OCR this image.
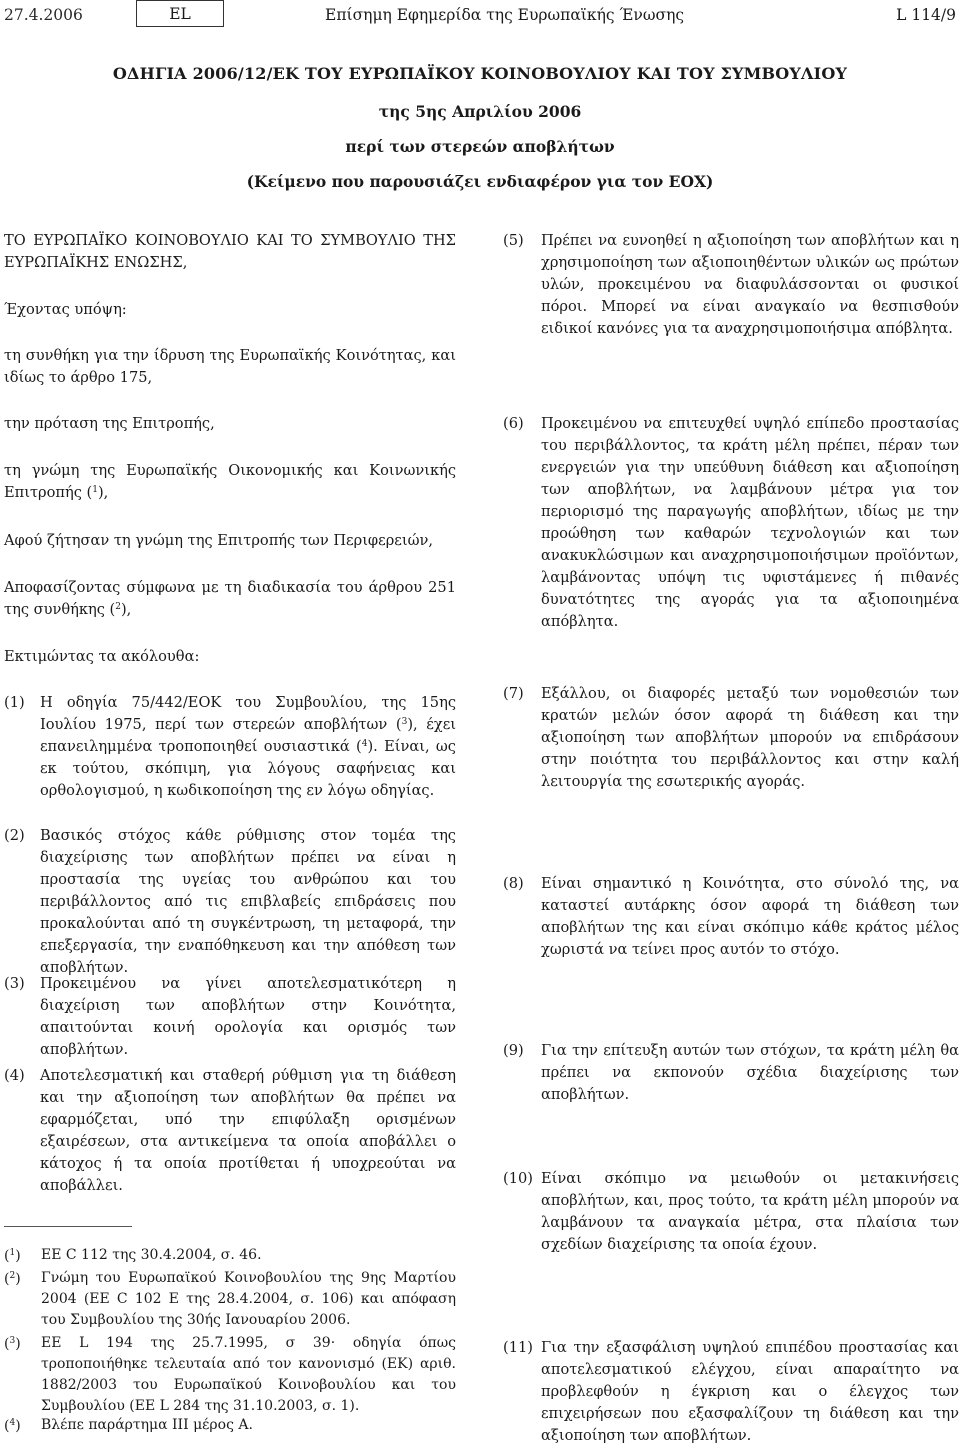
27.4.2006	EL	Επίσημη Εφημερίδα της Ευρωπαϊκής Ένωσης	L 114/9
ΟΔΗΓΙΑ 2006/12/ΕΚ ΤΟΥ ΕΥΡΩΠΑΪΚΟΥ ΚΟΙΝΟΒΟΥΛΙΟΥ ΚΑΙ ΤΟΥ ΣΥΜΒΟΥΛΙΟΥ
της 5ης Απριλίου 2006
περί των στερεών αποβλήτων
(Κείμενο που παρουσιάζει ενδιαφέρον για τον ΕΟΧ)
ΤΟ ΕΥΡΩΠΑΪΚΟ ΚΟΙΝΟΒΟΥΛΙΟ ΚΑΙ ΤΟ ΣΥΜΒΟΥΛΙΟ ΤΗΣ ΕΥΡΩΠΑΪΚΗΣ ΕΝΩΣΗΣ,
Έχοντας υπόψη:
τη συνθήκη για την ίδρυση της Ευρωπαϊκής Κοινότητας, και ιδίως το άρθρο 175,
την πρόταση της Επιτροπής,
τη γνώμη της Ευρωπαϊκής Οικονομικής και Κοινωνικής Επιτροπής ($^1$),
Αφού ζήτησαν τη γνώμη της Επιτροπής των Περιφερειών,
Αποφασίζοντας σύμφωνα με τη διαδικασία του άρθρου 251 της συνθήκης ($^2$),
Εκτιμώντας τα ακόλουθα:
(1) Η οδηγία 75/442/ΕΟΚ του Συμβουλίου, της 15ης Ιουλίου 1975, περί των στερεών αποβλήτων ($^3$), έχει επανειλημμένα τροποποιηθεί ουσιαστικά ($^4$). Είναι, ως εκ τούτου, σκόπιμη, για λόγους σαφήνειας και ορθολογισμού, η κωδικοποίηση της εν λόγω οδηγίας.
(2) Βασικός στόχος κάθε ρύθμισης στον τομέα της διαχείρισης των αποβλήτων πρέπει να είναι η προστασία της υγείας του ανθρώπου και του περιβάλλοντος από τις επιβλαβείς επιδράσεις που προκαλούνται από τη συγκέντρωση, τη μεταφορά, την επεξεργασία, την εναπόθηκευση και την απόθεση των αποβλήτων.
(3) Προκειμένου να γίνει αποτελεσματικότερη η διαχείριση των αποβλήτων στην Κοινότητα, απαιτούνται κοινή ορολογία και ορισμός των αποβλήτων.
(4) Αποτελεσματική και σταθερή ρύθμιση για τη διάθεση και την αξιοποίηση των αποβλήτων θα πρέπει να εφαρμόζεται, υπό την επιφύλαξη ορισμένων εξαιρέσεων, στα αντικείμενα τα οποία αποβάλλει ο κάτοχος ή τα οποία προτίθεται ή υποχρεούται να αποβάλλει.
($^1$) ΕΕ C 112 της 30.4.2004, σ. 46.
($^2$) Γνώμη του Ευρωπαϊκού Κοινοβουλίου της 9ης Μαρτίου 2004 (ΕΕ C 102 E της 28.4.2004, σ. 106) και απόφαση του Συμβουλίου της 30ής Ιανουαρίου 2006.
($^3$) ΕΕ L 194 της 25.7.1995, σ 39· οδηγία όπως τροποποιήθηκε τελευταία από τον κανονισμό (ΕΚ) αριθ. 1882/2003 του Ευρωπαϊκού Κοινοβουλίου και του Συμβουλίου (ΕΕ L 284 της 31.10.2003, σ. 1).
($^4$) Βλέπε παράρτημα ΙΙΙ μέρος Α.
(5) Πρέπει να ευνοηθεί η αξιοποίηση των αποβλήτων και η χρησιμοποίηση των αξιοποιηθέντων υλικών ως πρώτων υλών, προκειμένου να διαφυλάσσονται οι φυσικοί πόροι. Μπορεί να είναι αναγκαίο να θεσπισθούν ειδικοί κανόνες για τα αναχρησιμοποιήσιμα απόβλητα.
(6) Προκειμένου να επιτευχθεί υψηλό επίπεδο προστασίας του περιβάλλοντος, τα κράτη μέλη πρέπει, πέραν των ενεργειών για την υπεύθυνη διάθεση και αξιοποίηση των αποβλήτων, να λαμβάνουν μέτρα για τον περιορισμό της παραγωγής αποβλήτων, ιδίως με την προώθηση των καθαρών τεχνολογιών και των ανακυκλώσιμων και αναχρησιμοποιήσιμων προϊόντων, λαμβάνοντας υπόψη τις υφιστάμενες ή πιθανές δυνατότητες της αγοράς για τα αξιοποιημένα απόβλητα.
(7) Εξάλλου, οι διαφορές μεταξύ των νομοθεσιών των κρατών μελών όσον αφορά τη διάθεση και την αξιοποίηση των αποβλήτων μπορούν να επιδράσουν στην ποιότητα του περιβάλλοντος και στην καλή λειτουργία της εσωτερικής αγοράς.
(8) Είναι σημαντικό η Κοινότητα, στο σύνολό της, να καταστεί αυτάρκης όσον αφορά τη διάθεση των αποβλήτων της και είναι σκόπιμο κάθε κράτος μέλος χωριστά να τείνει προς αυτόν το στόχο.
(9) Για την επίτευξη αυτών των στόχων, τα κράτη μέλη θα πρέπει να εκπονούν σχέδια διαχείρισης των αποβλήτων.
(10) Είναι σκόπιμο να μειωθούν οι μετακινήσεις αποβλήτων, και, προς τούτο, τα κράτη μέλη μπορούν να λαμβάνουν τα αναγκαία μέτρα, στα πλαίσια των σχεδίων διαχείρισης τα οποία έχουν.
(11) Για την εξασφάλιση υψηλού επιπέδου προστασίας και αποτελεσματικού ελέγχου, είναι απαραίτητο να προβλεφθούν η έγκριση και ο έλεγχος των επιχειρήσεων που εξασφαλίζουν τη διάθεση και την αξιοποίηση των αποβλήτων.
